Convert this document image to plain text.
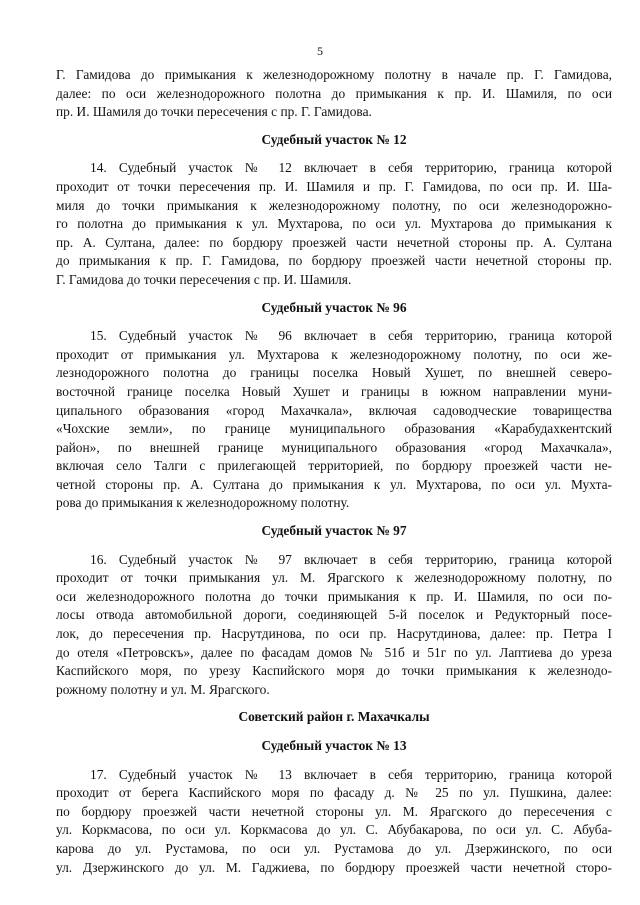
5
Г. Гамидова до примыкания к железнодорожному полотну в начале пр. Г. Гамидова,
далее: по оси железнодорожного полотна до примыкания к пр. И. Шамиля, по оси
пр. И. Шамиля до точки пересечения с пр. Г. Гамидова.
Судебный участок № 12
14. Судебный участок № 12 включает в себя территорию, граница которой
проходит от точки пересечения пр. И. Шамиля и пр. Г. Гамидова, по оси пр. И. Ша-
миля до точки примыкания к железнодорожному полотну, по оси железнодорожно-
го полотна до примыкания к ул. Мухтарова, по оси ул. Мухтарова до примыкания к
пр. А. Султана, далее: по бордюру проезжей части нечетной стороны пр. А. Султана
до примыкания к пр. Г. Гамидова, по бордюру проезжей части нечетной стороны пр.
Г. Гамидова до точки пересечения с пр. И. Шамиля.
Судебный участок № 96
15. Судебный участок № 96 включает в себя территорию, граница которой
проходит от примыкания ул. Мухтарова к железнодорожному полотну, по оси же-
лезнодорожного полотна до границы поселка Новый Хушет, по внешней северо-
восточной границе поселка Новый Хушет и границы в южном направлении муни-
ципального образования «город Махачкала», включая садоводческие товарищества
«Чохские земли», по границе муниципального образования «Карабудахкентский
район», по внешней границе муниципального образования «город Махачкала»,
включая село Талги с прилегающей территорией, по бордюру проезжей части не-
четной стороны пр. А. Султана до примыкания к ул. Мухтарова, по оси ул. Мухта-
рова до примыкания к железнодорожному полотну.
Судебный участок № 97
16. Судебный участок № 97 включает в себя территорию, граница которой
проходит от точки примыкания ул. М. Ярагского к железнодорожному полотну, по
оси железнодорожного полотна до точки примыкания к пр. И. Шамиля, по оси по-
лосы отвода автомобильной дороги, соединяющей 5-й поселок и Редукторный посе-
лок, до пересечения пр. Насрутдинова, по оси пр. Насрутдинова, далее: пр. Петра I
до отеля «Петровскъ», далее по фасадам домов № 51б и 51г по ул. Лаптиева до уреза
Каспийского моря, по урезу Каспийского моря до точки примыкания к железнодо-
рожному полотну и ул. М. Ярагского.
Советский район г. Махачкалы
Судебный участок № 13
17. Судебный участок № 13 включает в себя территорию, граница которой
проходит от берега Каспийского моря по фасаду д. № 25 по ул. Пушкина, далее:
по бордюру проезжей части нечетной стороны ул. М. Ярагского до пересечения с
ул. Коркмасова, по оси ул. Коркмасова до ул. С. Абубакарова, по оси ул. С. Абуба-
карова до ул. Рустамова, по оси ул. Рустамова до ул. Дзержинского, по оси
ул. Дзержинского до ул. М. Гаджиева, по бордюру проезжей части нечетной сторо-
